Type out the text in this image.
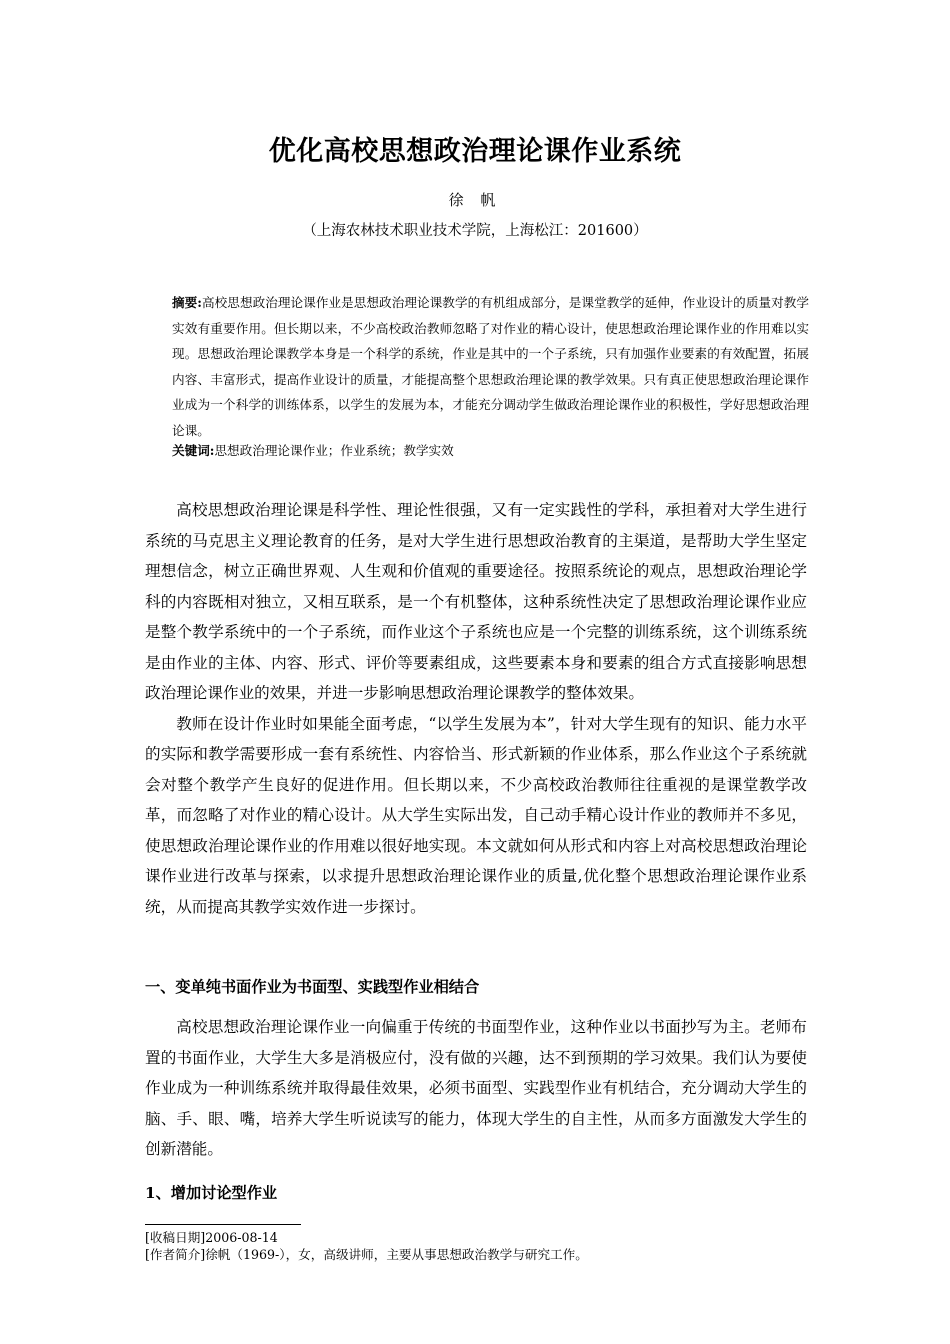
优化高校思想政治理论课作业系统
徐 帆
（上海农林技术职业技术学院，上海松江：201600）
摘要:高校思想政治理论课作业是思想政治理论课教学的有机组成部分，是课堂教学的延伸，作业设计的质量对教学实效有重要作用。但长期以来，不少高校政治教师忽略了对作业的精心设计，使思想政治理论课作业的作用难以实现。思想政治理论课教学本身是一个科学的系统，作业是其中的一个子系统，只有加强作业要素的有效配置，拓展内容、丰富形式，提高作业设计的质量，才能提高整个思想政治理论课的教学效果。只有真正使思想政治理论课作业成为一个科学的训练体系，以学生的发展为本，才能充分调动学生做政治理论课作业的积极性，学好思想政治理论课。
关键词:思想政治理论课作业；作业系统；教学实效

高校思想政治理论课是科学性、理论性很强，又有一定实践性的学科，承担着对大学生进行系统的马克思主义理论教育的任务，是对大学生进行思想政治教育的主渠道，是帮助大学生坚定理想信念，树立正确世界观、人生观和价值观的重要途径。按照系统论的观点，思想政治理论学科的内容既相对独立，又相互联系，是一个有机整体，这种系统性决定了思想政治理论课作业应是整个教学系统中的一个子系统，而作业这个子系统也应是一个完整的训练系统，这个训练系统是由作业的主体、内容、形式、评价等要素组成，这些要素本身和要素的组合方式直接影响思想政治理论课作业的效果，并进一步影响思想政治理论课教学的整体效果。

教师在设计作业时如果能全面考虑，“以学生发展为本”，针对大学生现有的知识、能力水平的实际和教学需要形成一套有系统性、内容恰当、形式新颖的作业体系，那么作业这个子系统就会对整个教学产生良好的促进作用。但长期以来，不少高校政治教师往往重视的是课堂教学改革，而忽略了对作业的精心设计。从大学生实际出发，自己动手精心设计作业的教师并不多见，使思想政治理论课作业的作用难以很好地实现。本文就如何从形式和内容上对高校思想政治理论课作业进行改革与探索，以求提升思想政治理论课作业的质量,优化整个思想政治理论课作业系统，从而提高其教学实效作进一步探讨。

一、变单纯书面作业为书面型、实践型作业相结合

高校思想政治理论课作业一向偏重于传统的书面型作业，这种作业以书面抄写为主。老师布置的书面作业，大学生大多是消极应付，没有做的兴趣，达不到预期的学习效果。我们认为要使作业成为一种训练系统并取得最佳效果，必须书面型、实践型作业有机结合，充分调动大学生的脑、手、眼、嘴，培养大学生听说读写的能力，体现大学生的自主性，从而多方面激发大学生的创新潜能。

1、增加讨论型作业
[收稿日期]2006-08-14
[作者简介]徐帆（1969-），女，高级讲师，主要从事思想政治教学与研究工作。
